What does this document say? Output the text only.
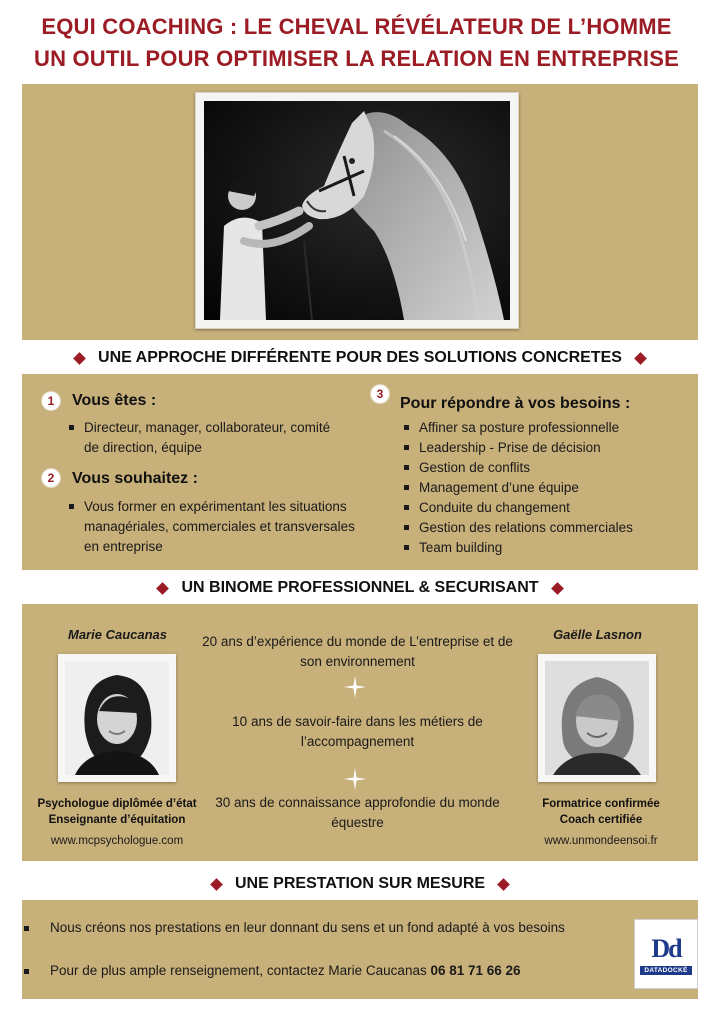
EQUI COACHING : LE CHEVAL RÉVÉLATEUR DE L’HOMME
UN OUTIL POUR OPTIMISER LA RELATION EN ENTREPRISE
UNE APPROCHE DIFFÉRENTE POUR DES SOLUTIONS CONCRETES
1	Vous êtes :
Directeur, manager, collaborateur, comité de direction, équipe
2	Vous souhaitez :
Vous former en expérimentant les situations managériales, commerciales et transversales en entreprise
3
Pour répondre à vos besoins :
Affiner sa posture professionnelle
Leadership - Prise de décision
Gestion de conflits
Management d’une équipe
Conduite du changement
Gestion des relations commerciales
Team building
UN BINOME PROFESSIONNEL & SECURISANT
Marie Caucanas
Psychologue diplômée d’état
Enseignante d’équitation
www.mcpsychologue.com
Gaëlle Lasnon
Formatrice confirmée
Coach certifiée
www.unmondeensoi.fr
20 ans d’expérience du monde de L’entreprise et de son environnement
10 ans de savoir-faire dans les métiers de l’accompagnement
30 ans de connaissance approfondie du monde équestre
UNE PRESTATION SUR MESURE
Nous créons nos prestations en leur donnant du sens et un fond adapté à vos besoins
Pour de plus ample renseignement, contactez Marie Caucanas 06 81 71 66 26
Dd
DATADOCKÉ
